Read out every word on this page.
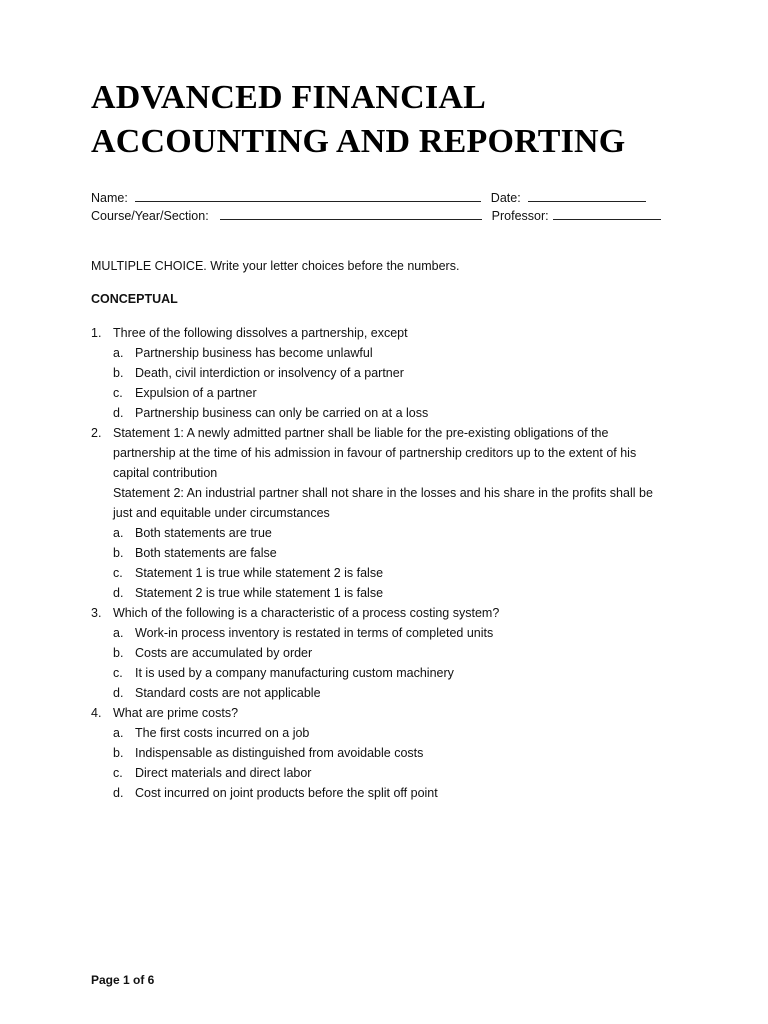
ADVANCED FINANCIAL
ACCOUNTING AND REPORTING
Name:	Date:
Course/Year/Section:	Professor:
MULTIPLE CHOICE. Write your letter choices before the numbers.
CONCEPTUAL
1. Three of the following dissolves a partnership, except
a. Partnership business has become unlawful
b. Death, civil interdiction or insolvency of a partner
c. Expulsion of a partner
d. Partnership business can only be carried on at a loss
2. Statement 1: A newly admitted partner shall be liable for the pre-existing obligations of the partnership at the time of his admission in favour of partnership creditors up to the extent of his capital contribution
Statement 2: An industrial partner shall not share in the losses and his share in the profits shall be just and equitable under circumstances
a. Both statements are true
b. Both statements are false
c. Statement 1 is true while statement 2 is false
d. Statement 2 is true while statement 1 is false
3. Which of the following is a characteristic of a process costing system?
a. Work-in process inventory is restated in terms of completed units
b. Costs are accumulated by order
c. It is used by a company manufacturing custom machinery
d. Standard costs are not applicable
4. What are prime costs?
a. The first costs incurred on a job
b. Indispensable as distinguished from avoidable costs
c. Direct materials and direct labor
d. Cost incurred on joint products before the split off point
Page 1 of 6
